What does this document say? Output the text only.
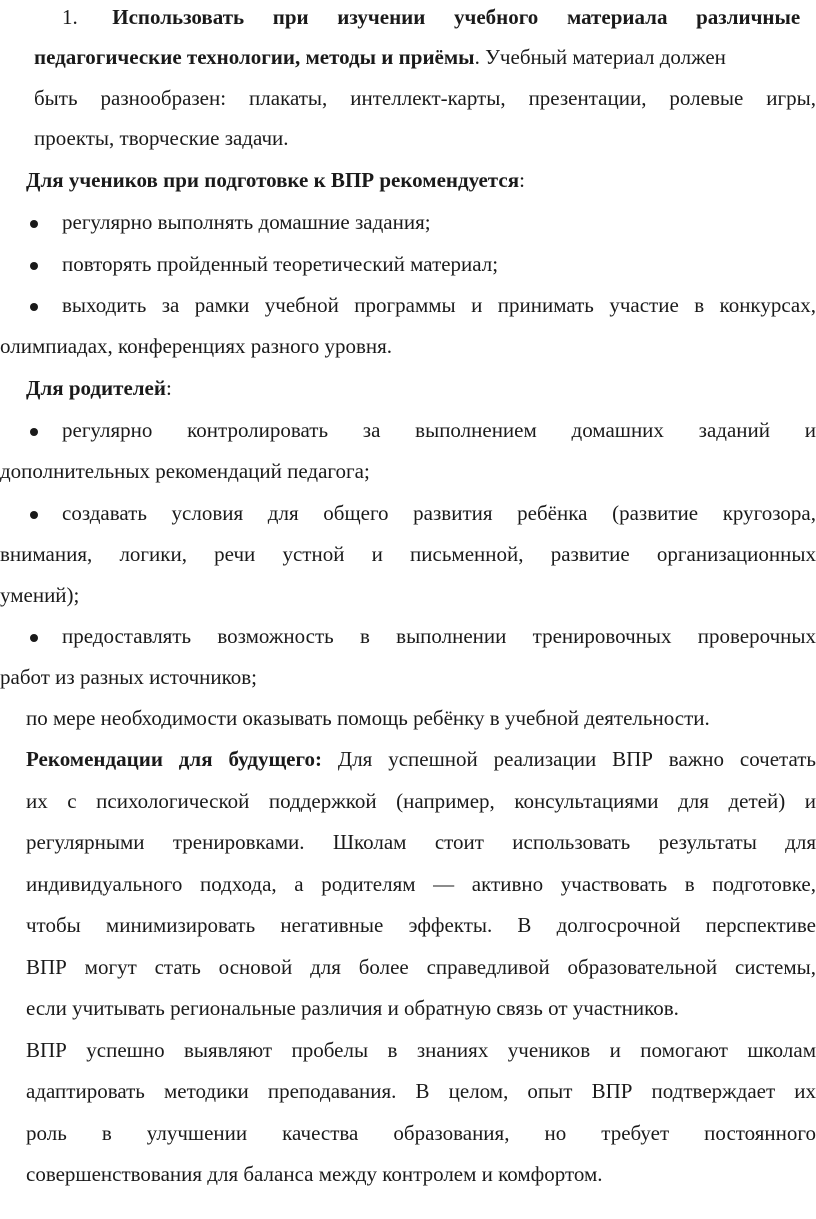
1. Использовать при изучении учебного материала различные
педагогические технологии, методы и приёмы. Учебный материал должен
быть разнообразен: плакаты, интеллект-карты, презентации, ролевые игры,
проекты, творческие задачи.
Для учеников при подготовке к ВПР рекомендуется:
регулярно выполнять домашние задания;
повторять пройденный теоретический материал;
выходить за рамки учебной программы и принимать участие в конкурсах,
олимпиадах, конференциях разного уровня.
Для родителей:
регулярно контролировать за выполнением домашних заданий и
дополнительных рекомендаций педагога;
создавать условия для общего развития ребёнка (развитие кругозора,
внимания, логики, речи устной и письменной, развитие организационных
умений);
предоставлять возможность в выполнении тренировочных проверочных
работ из разных источников;
по мере необходимости оказывать помощь ребёнку в учебной деятельности.
Рекомендации для будущего: Для успешной реализации ВПР важно сочетать
их с психологической поддержкой (например, консультациями для детей) и
регулярными тренировками. Школам стоит использовать результаты для
индивидуального подхода, а родителям — активно участвовать в подготовке,
чтобы минимизировать негативные эффекты. В долгосрочной перспективе
ВПР могут стать основой для более справедливой образовательной системы,
если учитывать региональные различия и обратную связь от участников.
ВПР успешно выявляют пробелы в знаниях учеников и помогают школам
адаптировать методики преподавания. В целом, опыт ВПР подтверждает их
роль в улучшении качества образования, но требует постоянного
совершенствования для баланса между контролем и комфортом.
